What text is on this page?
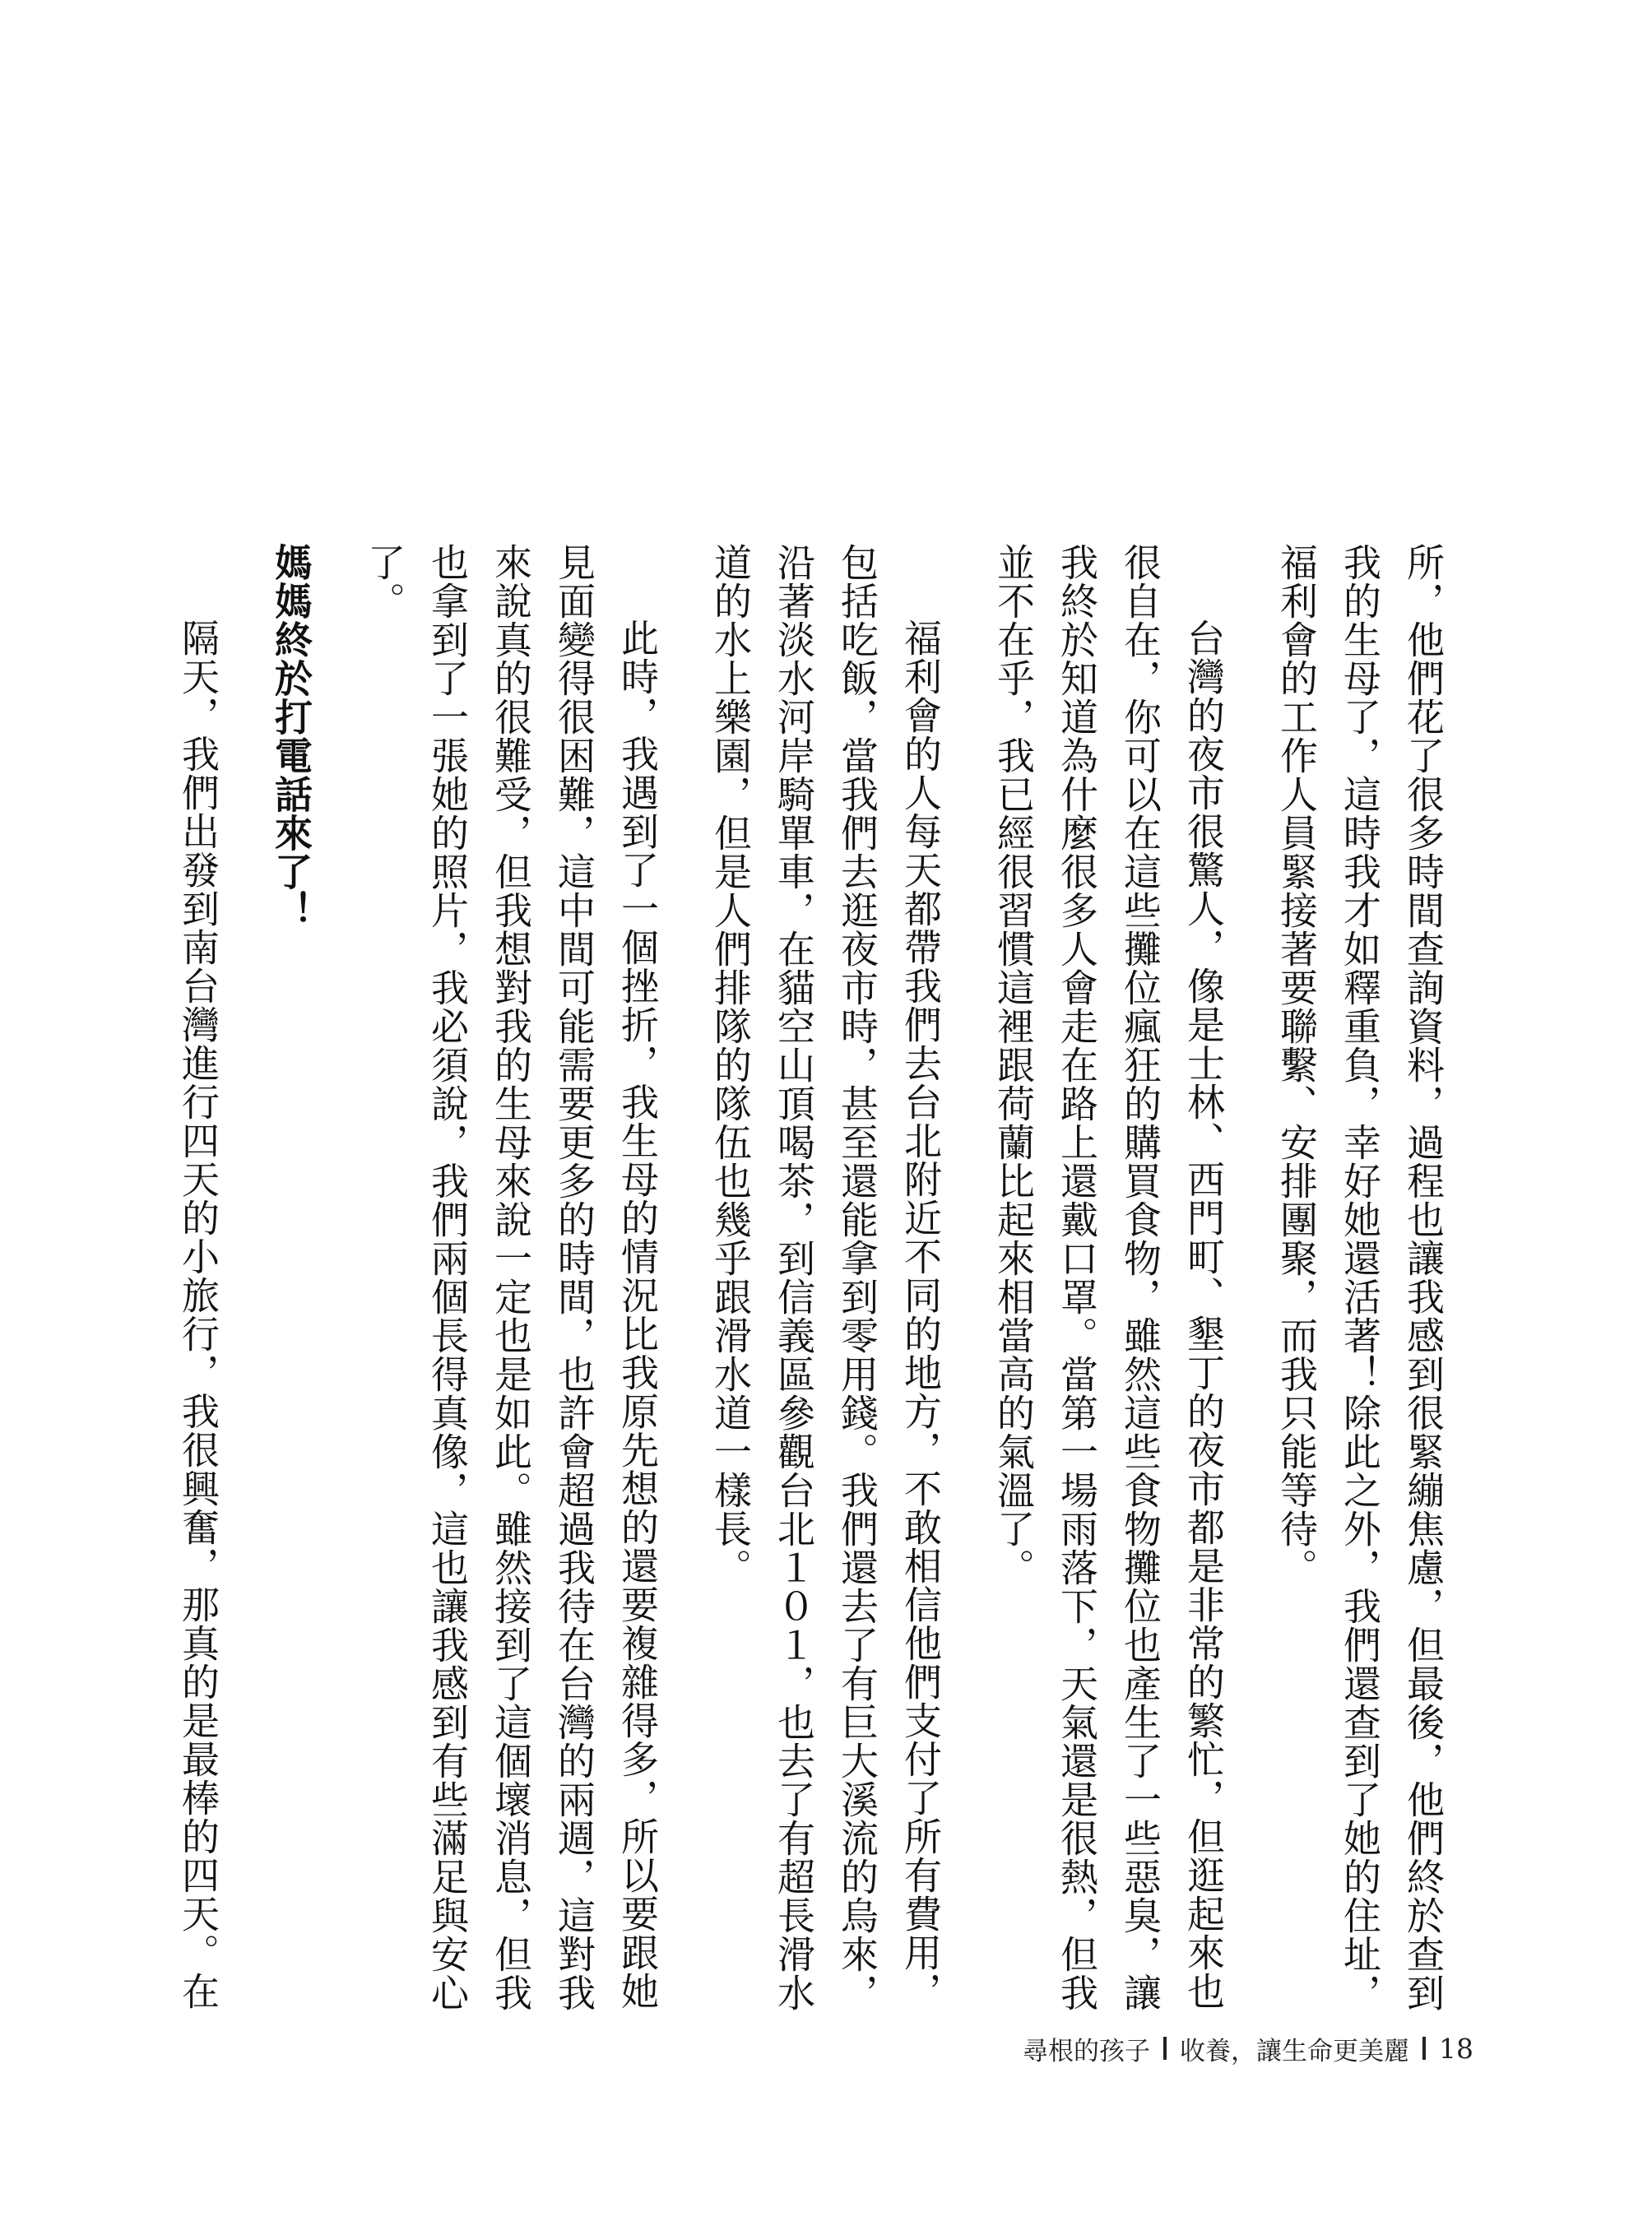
所，他們花了很多時間查詢資料，過程也讓我感到很緊繃焦慮，但最後，他們終於查到我的生母了，這時我才如釋重負，幸好她還活著！除此之外，我們還查到了她的住址，福利會的工作人員緊接著要聯繫、安排團聚，而我只能等待。

台灣的夜市很驚人，像是士林、西門町、墾丁的夜市都是非常的繁忙，但逛起來也很自在，你可以在這些攤位瘋狂的購買食物，雖然這些食物攤位也產生了一些惡臭，讓我終於知道為什麼很多人會走在路上還戴口罩。當第一場雨落下，天氣還是很熱，但我並不在乎，我已經很習慣這裡跟荷蘭比起來相當高的氣溫了。

福利會的人每天都帶我們去台北附近不同的地方，不敢相信他們支付了所有費用，包括吃飯，當我們去逛夜市時，甚至還能拿到零用錢。我們還去了有巨大溪流的烏來，沿著淡水河岸騎單車，在貓空山頂喝茶，到信義區參觀台北１０１，也去了有超長滑水道的水上樂園，但是人們排隊的隊伍也幾乎跟滑水道一樣長。

此時，我遇到了一個挫折，我生母的情況比我原先想的還要複雜得多，所以要跟她見面變得很困難，這中間可能需要更多的時間，也許會超過我待在台灣的兩週，這對我來說真的很難受，但我想對我的生母來說一定也是如此。雖然接到了這個壞消息，但我也拿到了一張她的照片，我必須說，我們兩個長得真像，這也讓我感到有些滿足與安心了。

媽媽終於打電話來了！

隔天，我們出發到南台灣進行四天的小旅行，我很興奮，那真的是最棒的四天。在

尋根的孩子 收養，讓生命更美麗 18
